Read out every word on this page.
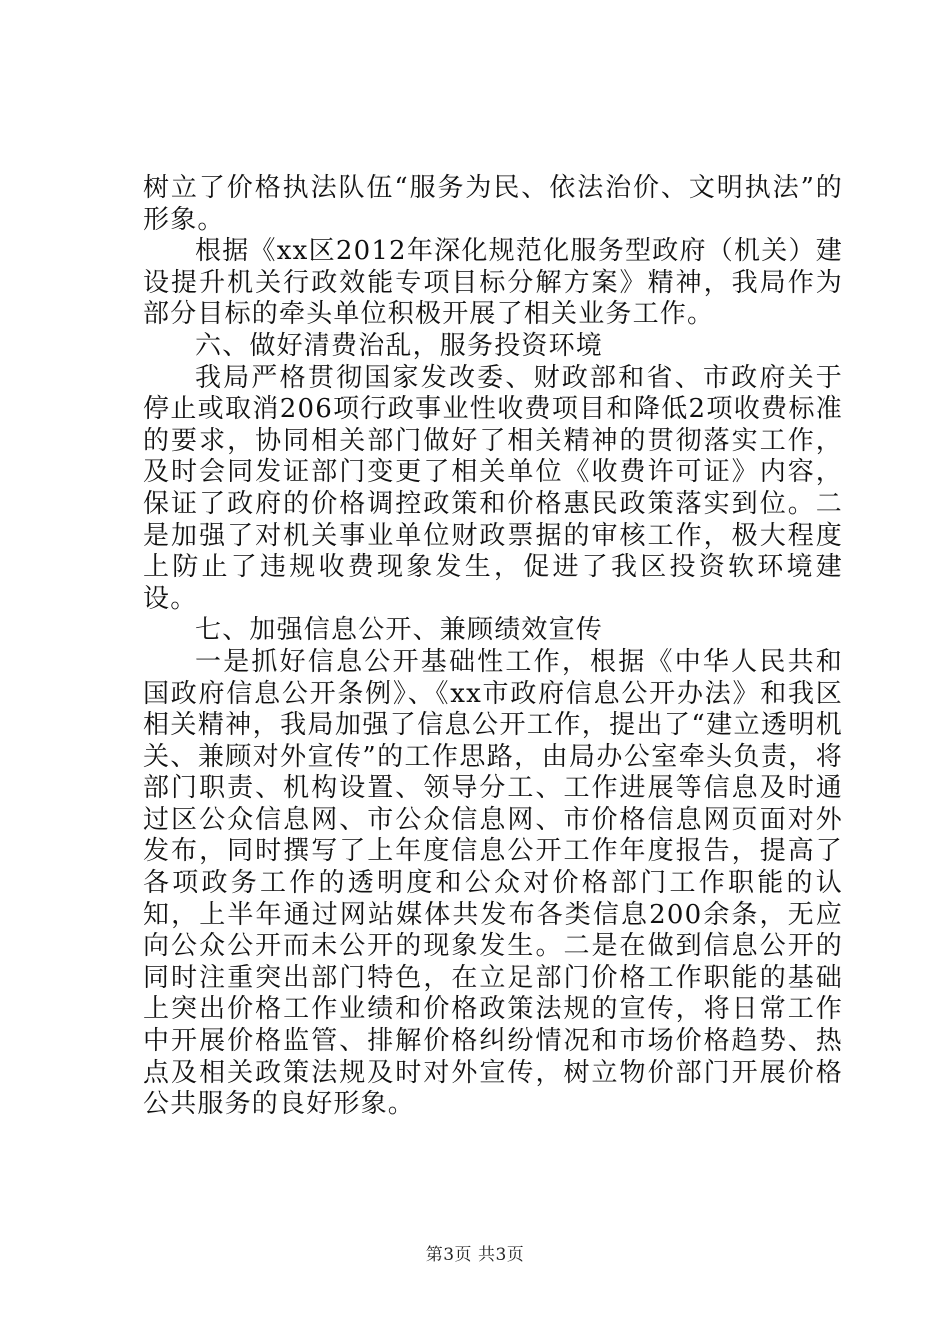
树立了价格执法队伍“服务为民、依法治价、文明执法”的形象。

根据《xx区2012年深化规范化服务型政府（机关）建设提升机关行政效能专项目标分解方案》精神，我局作为部分目标的牵头单位积极开展了相关业务工作。

六、做好清费治乱，服务投资环境

我局严格贯彻国家发改委、财政部和省、市政府关于停止或取消206项行政事业性收费项目和降低2项收费标准的要求，协同相关部门做好了相关精神的贯彻落实工作，及时会同发证部门变更了相关单位《收费许可证》内容，保证了政府的价格调控政策和价格惠民政策落实到位。二是加强了对机关事业单位财政票据的审核工作，极大程度上防止了违规收费现象发生，促进了我区投资软环境建设。

七、加强信息公开、兼顾绩效宣传

一是抓好信息公开基础性工作，根据《中华人民共和国政府信息公开条例》、《xx市政府信息公开办法》和我区相关精神，我局加强了信息公开工作，提出了“建立透明机关、兼顾对外宣传”的工作思路，由局办公室牵头负责，将部门职责、机构设置、领导分工、工作进展等信息及时通过区公众信息网、市公众信息网、市价格信息网页面对外发布，同时撰写了上年度信息公开工作年度报告，提高了各项政务工作的透明度和公众对价格部门工作职能的认知，上半年通过网站媒体共发布各类信息200余条，无应向公众公开而未公开的现象发生。二是在做到信息公开的同时注重突出部门特色，在立足部门价格工作职能的基础上突出价格工作业绩和价格政策法规的宣传，将日常工作中开展价格监管、排解价格纠纷情况和市场价格趋势、热点及相关政策法规及时对外宣传，树立物价部门开展价格公共服务的良好形象。

第3页 共3页
